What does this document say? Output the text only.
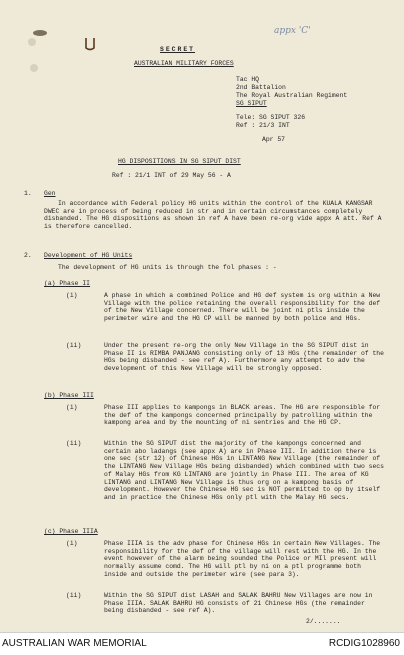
appx 'C'
SECRET
AUSTRALIAN MILITARY FORCES
Tac HQ
2nd Battalion
The Royal Australian Regiment
SG SIPUT
Tele: SG SIPUT 326
Ref : 21/3 INT
Apr 57
HG DISPOSITIONS IN SG SIPUT DIST
Ref : 21/1 INT of 29 May 56 - A
1. Gen
In accordance with Federal policy HG units within the control of the KUALA KANGSAR DWEC are in process of being reduced in str and in certain circumstances completely disbanded. The HG dispositions as shown in ref A have been re-org vide appx A att. Ref A is therefore cancelled.
2. Development of HG Units
The development of HG units is through the fol phases : -
(a) Phase II
(i)	A phase in which a combined Police and HG def system is org within a New Village with the police retaining the overall responsibility for the def of the New Village concerned. There will be joint ni ptls inside the perimeter wire and the HG CP will be manned by both police and HGs.
(ii)	Under the present re-org the only New Village in the SG SIPUT dist in Phase II is RIMBA PANJANG consisting only of 13 HGs (the remainder of the HGs being disbanded - see ref A). Furthermore any attempt to adv the development of this New Village will be strongly opposed.
(b) Phase III
(i)	Phase III applies to kampongs in BLACK areas. The HG are responsible for the def of the kampongs concerned principally by patrolling within the kampong area and by the mounting of ni sentries and the HG CP.
(ii)	Within the SG SIPUT dist the majority of the kampongs concerned and certain abo ladangs (see appx A) are in Phase III. In addition there is one sec (str 12) of Chinese HGs in LINTANG New Village (the remainder of the LINTANG New Village HGs being disbanded) which combined with two secs of Malay HGs from KG LINTANG are jointly in Phase III. The area of KG LINTANG and LINTANG New Village is thus org on a kampong basis of development. However the Chinese HG sec is NOT permitted to op by itself and in practice the Chinese HGs only ptl with the Malay HG secs.
(c) Phase IIIA
(i)	Phase IIIA is the adv phase for Chinese HGs in certain New Villages. The responsibility for the def of the village will rest with the HG. In the event however of the alarm being sounded the Police or MIl present will normally assume comd. The HG will ptl by ni on a ptl programme both inside and outside the perimeter wire (see para 3).
(ii)	Within the SG SIPUT dist LASAH and SALAK BAHRU New Villages are now in Phase IIIA. SALAK BAHRU HG consists of 21 Chinese HGs (the remainder being disbanded - see ref A).
2/.......
AUSTRALIAN WAR MEMORIAL	RCDIG1028960
